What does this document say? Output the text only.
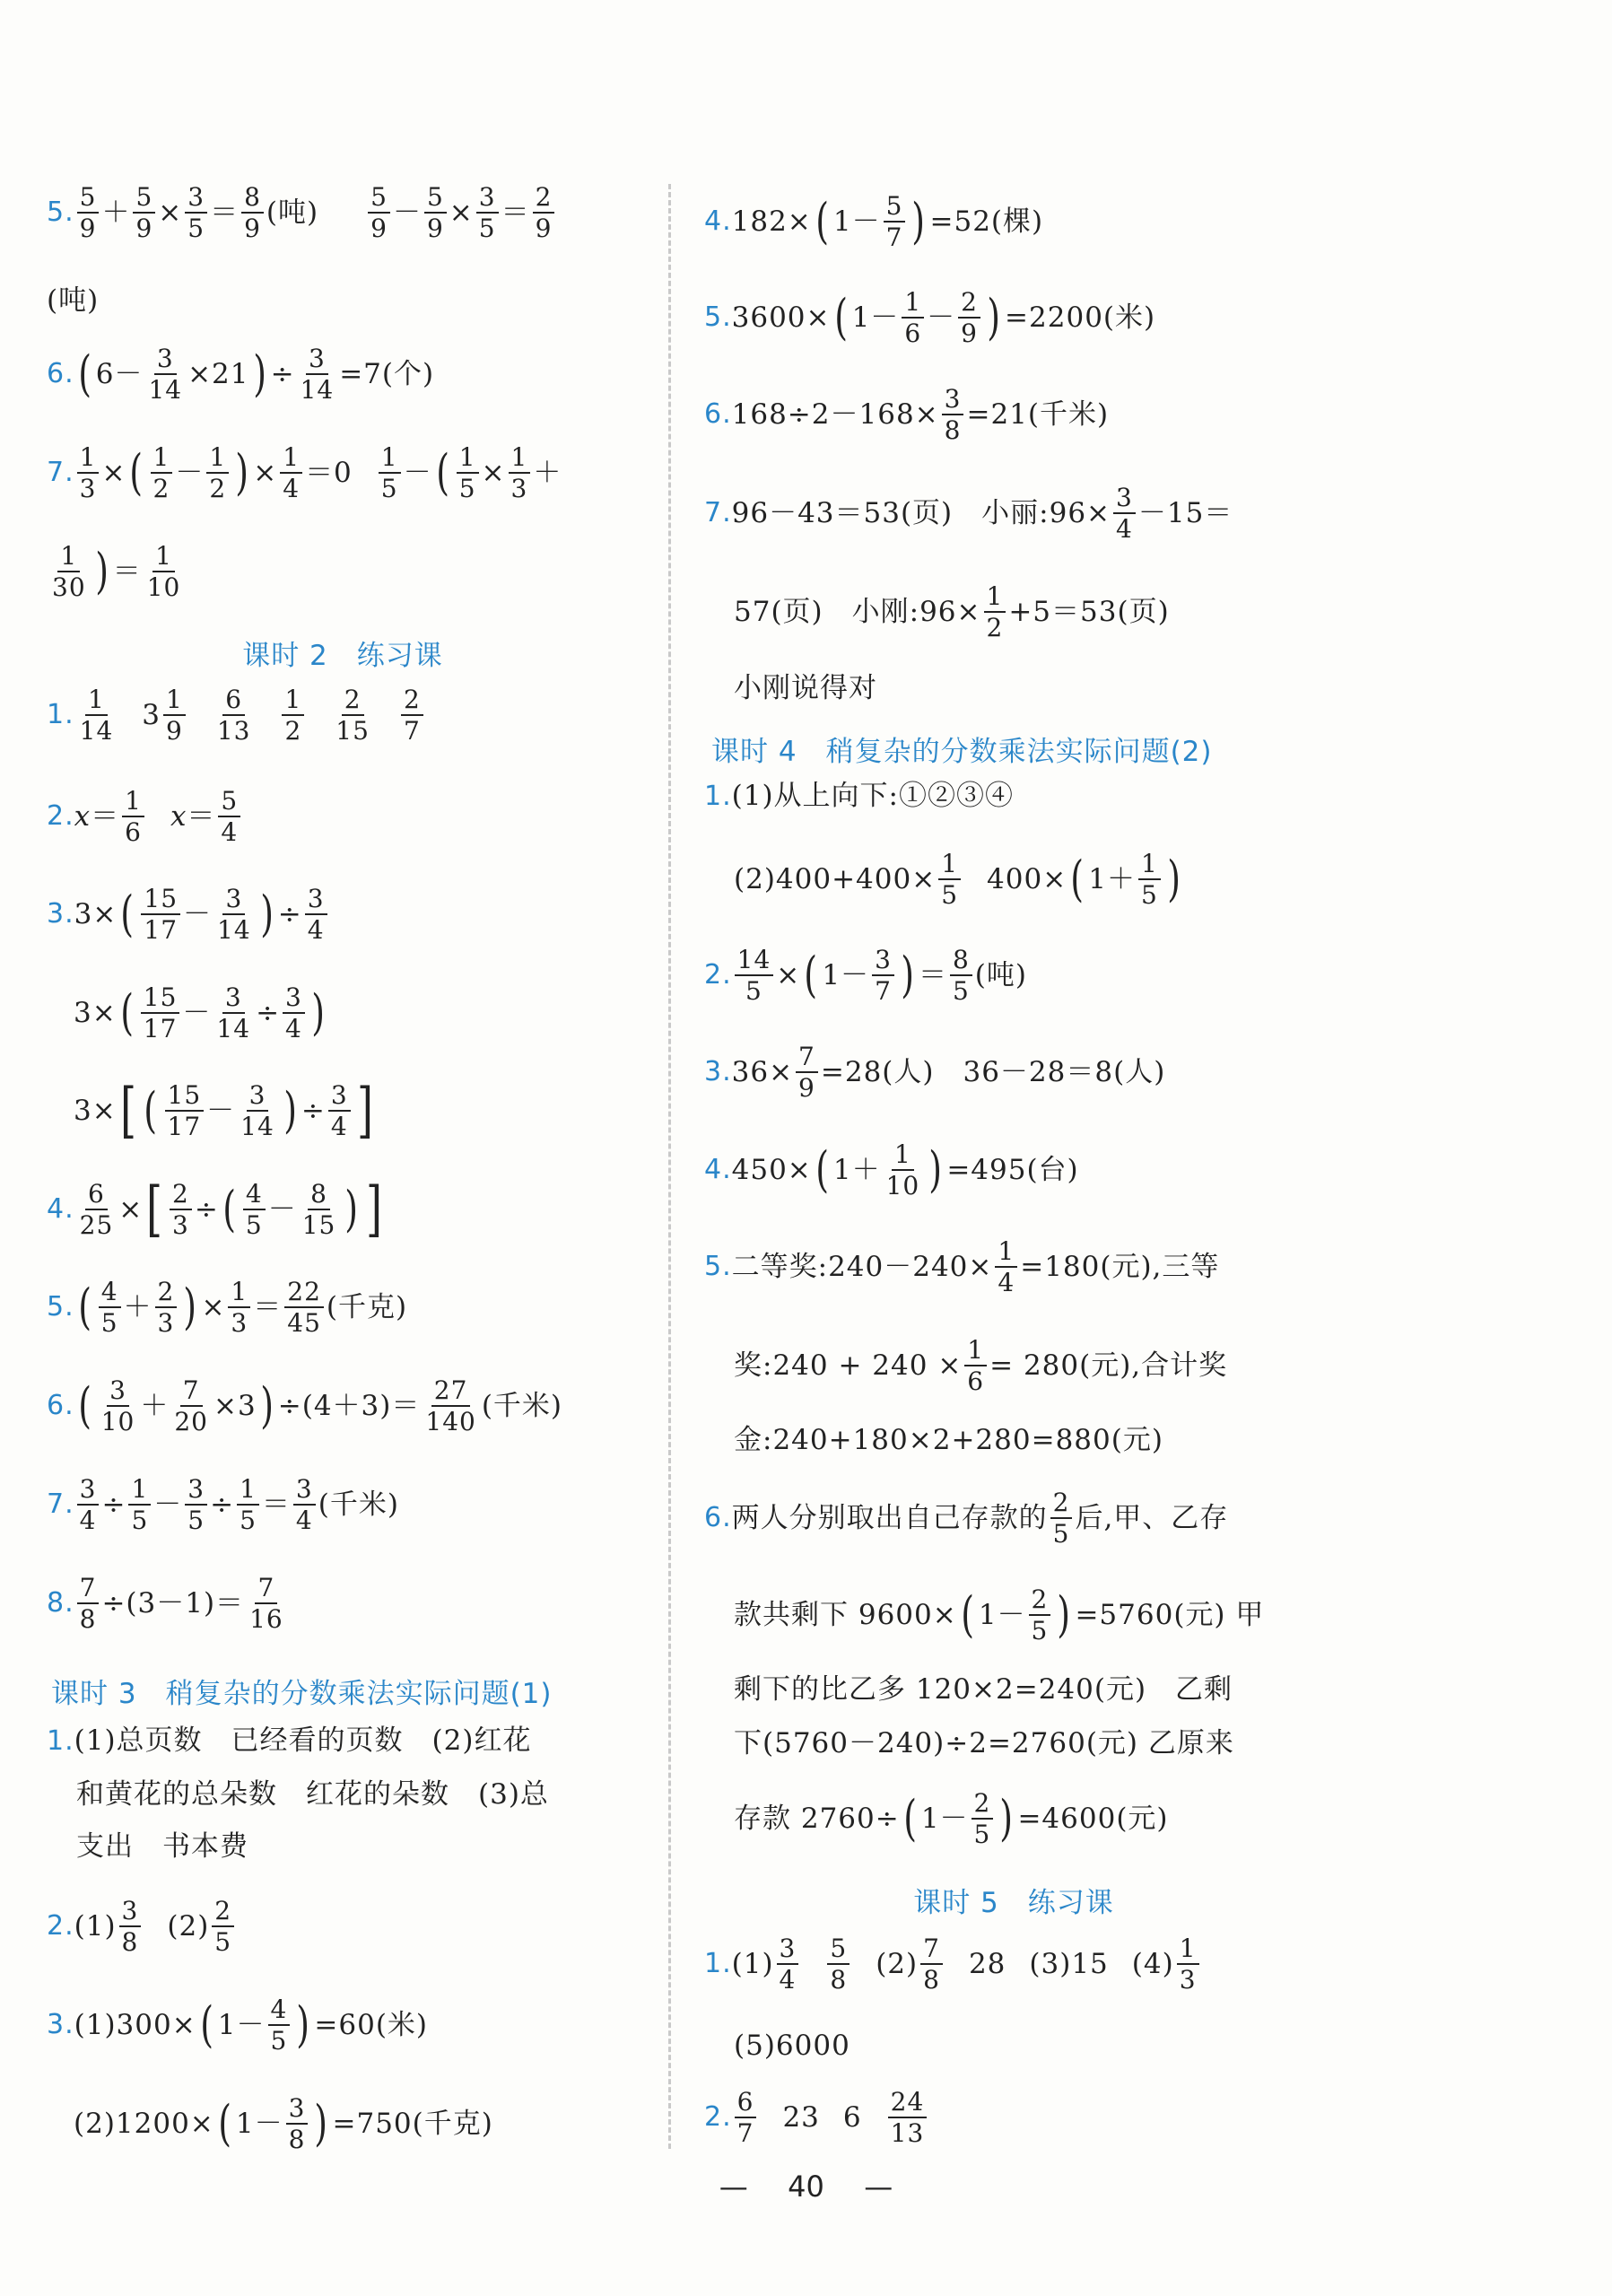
5. $\frac{5}{9} + \frac{5}{9} \times \frac{3}{5} = \frac{8}{9}$ (吨) $\frac{5}{9} - \frac{5}{9} \times \frac{3}{5} = \frac{2}{9}$
(吨)
6. ( $6- \frac{3}{14} \times 21$ ) ÷ $\frac{3}{14} =7$(个)
7. $\frac{1}{3}$ × ( $\frac{1}{2} - \frac{1}{2}$ ) × $\frac{1}{4} =0 \frac{1}{5}$ － ( $\frac{1}{5} \times \frac{1}{3}$ ＋
$\frac{1}{30}$ ) ＝ $\frac{1}{10}$
课时 2　练习课
1. $\frac{1}{14} 3 \frac{1}{9} \frac{6}{13} \frac{1}{2} \frac{2}{15} \frac{2}{7}$
2. $x = \frac{1}{6}$ $x = \frac{5}{4}$
3. 3× ( $\frac{15}{17} - \frac{3}{14}$ ) ÷ $\frac{3}{4}$
3× ( $\frac{15}{17} - \frac{3}{14} \div \frac{3}{4}$ )
3× [ ( $\frac{15}{17} - \frac{3}{14}$ ) ÷ $\frac{3}{4}$ ]
4. $\frac{6}{25}$ × [ $\frac{2}{3}$ ÷ ( $\frac{4}{5} - \frac{8}{15}$ ) ]
5. ( $\frac{4}{5} + \frac{2}{3}$ ) × $\frac{1}{3} = \frac{22}{45}$ (千克)
6. ( $\frac{3}{10} + \frac{7}{20} \times 3$ ) $\div(4+3)= \frac{27}{140}$ (千米)
7. $\frac{3}{4} \div \frac{1}{5} - \frac{3}{5} \div \frac{1}{5} = \frac{3}{4}$ (千米)
8. $\frac{7}{8} \div(3-1)= \frac{7}{16}$
课时 3　稍复杂的分数乘法实际问题(1)
1. (1)总页数　已经看的页数　(2)红花
和黄花的总朵数　红花的朵数　(3)总
支出　书本费
2. $(1) \frac{3}{8} (2) \frac{2}{5}$
3. (1)300× ( $1- \frac{4}{5}$ ) =60(米)
(2)1200× ( $1- \frac{3}{8}$ ) =750(千克)
4. 182× ( $1- \frac{5}{7}$ ) =52(棵)
5. 3600× ( $1- \frac{1}{6} - \frac{2}{9}$ ) =2200(米)
6. $168\div 2-168\times \frac{3}{8} =21$(千米)
7. 96－43＝53(页)　小丽:96× $\frac{3}{4} -15=$
57(页)　小刚:96× $\frac{1}{2} +5=53$(页)
小刚说得对
课时 4　稍复杂的分数乘法实际问题(2)
1. (1)从上向下:①②③④
$(2)400+400\times \frac{1}{5} 400\times$ ( $1+ \frac{1}{5}$ )
2. $\frac{14}{5}$ × ( $1- \frac{3}{7}$ ) ＝ $\frac{8}{5}$ (吨)
3. $36\times \frac{7}{9} =28$(人)　36－28＝8(人)
4. 450× ( $1+ \frac{1}{10}$ ) =495(台)
5. 二等奖:240－240× $\frac{1}{4} =180$(元),三等
奖:240 + $240 \times \frac{1}{6} = 280$(元),合计奖
金:240+180×2+280=880(元)
6. 两人分别取出自己存款的 $\frac{2}{5}$ 后,甲、乙存
款共剩下 9600× ( $1- \frac{2}{5}$ ) =5760(元) 甲
剩下的比乙多 120×2=240(元)　乙剩
下(5760－240)÷2=2760(元) 乙原来
存款 2760÷ ( $1- \frac{2}{5}$ ) =4600(元)
课时 5　练习课
1. $(1) \frac{3}{4} \frac{5}{8} (2) \frac{7}{8} 28$ (3)15 $(4) \frac{1}{3}$
(5)6000
2. $\frac{6}{7} 23$ $6 \frac{24}{13}$
— 40 —
